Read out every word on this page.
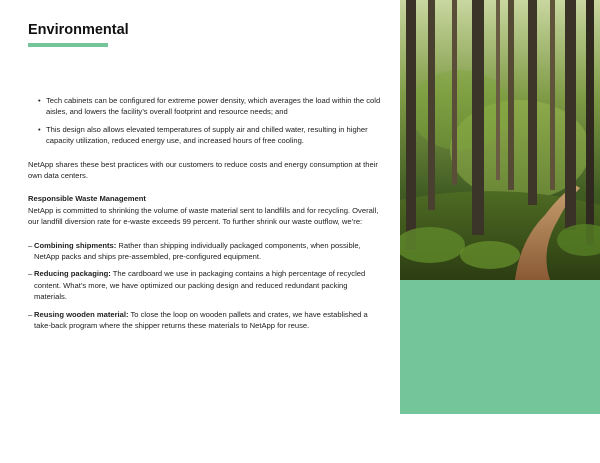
Environmental
• Tech cabinets can be configured for extreme power density, which averages the load within the cold aisles, and lowers the facility’s overall footprint and resource needs; and
• This design also allows elevated temperatures of supply air and chilled water, resulting in higher capacity utilization, reduced energy use, and increased hours of free cooling.

NetApp shares these best practices with our customers to reduce costs and energy consumption at their own data centers.

Responsible Waste Management

NetApp is committed to shrinking the volume of waste material sent to landfills and for recycling. Overall, our landfill diversion rate for e-waste exceeds 99 percent. To further shrink our waste outflow, we’re:

– Combining shipments: Rather than shipping individually packaged components, when possible, NetApp packs and ships pre-assembled, pre-configured equipment.
– Reducing packaging: The cardboard we use in packaging contains a high percentage of recycled content. What’s more, we have optimized our packing design and reduced redundant packing materials.
– Reusing wooden material: To close the loop on wooden pallets and crates, we have established a take-back program where the shipper returns these materials to NetApp for reuse.
